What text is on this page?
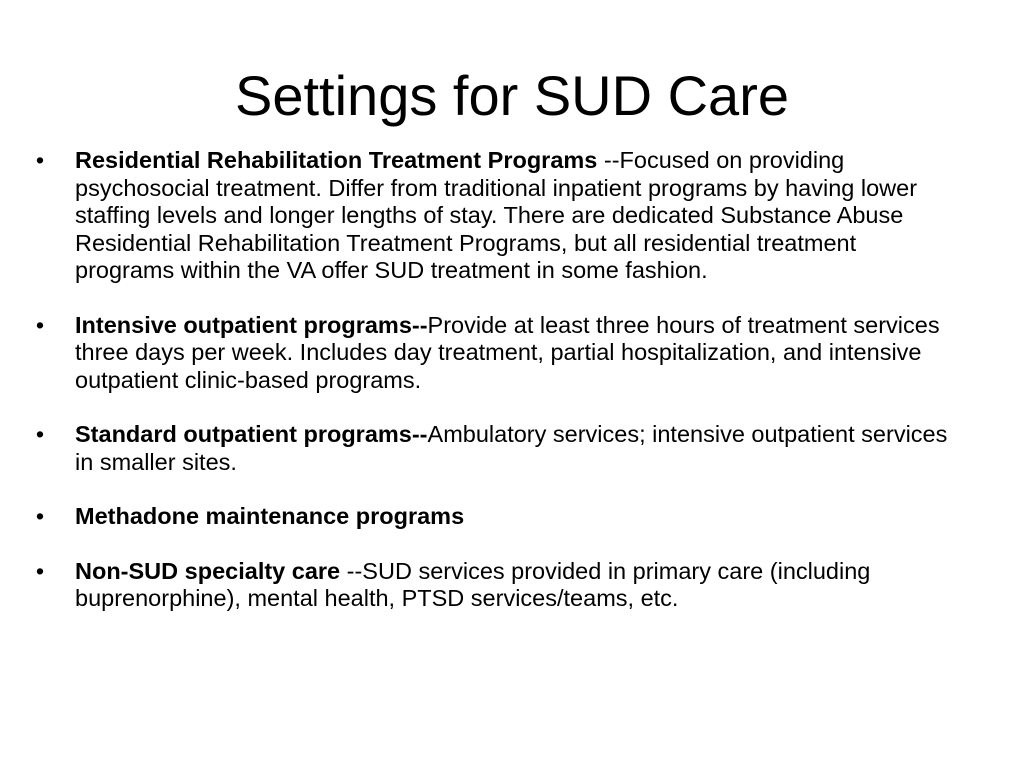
Settings for SUD Care
• Residential Rehabilitation Treatment Programs --Focused on providing psychosocial treatment. Differ from traditional inpatient programs by having lower staffing levels and longer lengths of stay. There are dedicated Substance Abuse Residential Rehabilitation Treatment Programs, but all residential treatment programs within the VA offer SUD treatment in some fashion.
• Intensive outpatient programs--Provide at least three hours of treatment services three days per week. Includes day treatment, partial hospitalization, and intensive outpatient clinic-based programs.
• Standard outpatient programs--Ambulatory services; intensive outpatient services in smaller sites.
• Methadone maintenance programs
• Non-SUD specialty care --SUD services provided in primary care (including buprenorphine), mental health, PTSD services/teams, etc.
